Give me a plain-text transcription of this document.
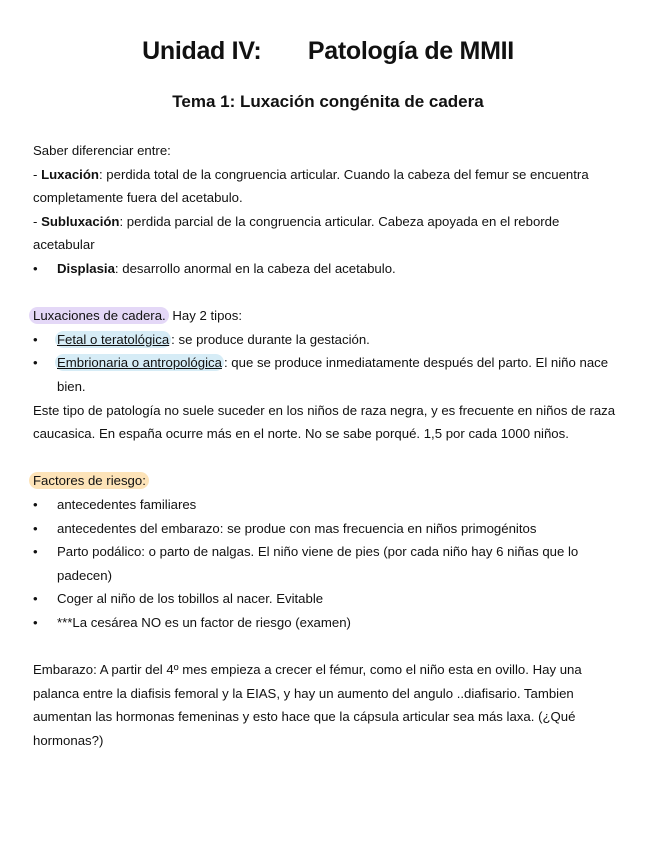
Unidad IV:       Patología de MMII
Tema 1: Luxación congénita de cadera

Saber diferenciar entre:

- Luxación: perdida total de la congruencia articular. Cuando la cabeza del femur se encuentra completamente fuera del acetabulo.

- Subluxación: perdida parcial de la congruencia articular. Cabeza apoyada en el reborde acetabular

•	Displasia: desarrollo anormal en la cabeza del acetabulo.

Luxaciones de cadera. Hay 2 tipos:

•	Fetal o teratológica : se produce durante la gestación.
•	Embrionaria o antropológica : que se produce inmediatamente después del parto. El niño nace bien.

Este tipo de patología no suele suceder en los niños de raza negra, y es frecuente en niños de raza caucasica. En españa ocurre más en el norte. No se sabe porqué. 1,5 por cada 1000 niños.

Factores de riesgo:

•	antecedentes familiares
•	antecedentes del embarazo: se produe con mas frecuencia en niños primogénitos
•	Parto podálico: o parto de nalgas. El niño viene de pies (por cada niño hay 6 niñas que lo padecen)
•	Coger al niño de los tobillos al nacer. Evitable
•	***La cesárea NO es un factor de riesgo (examen)

Embarazo: A partir del 4º mes empieza a crecer el fémur, como el niño esta en ovillo. Hay una palanca entre la diafisis femoral y la EIAS, y hay un aumento del angulo ..diafisario. Tambien aumentan las hormonas femeninas y esto hace que la cápsula articular sea más laxa. (¿Qué hormonas?)
